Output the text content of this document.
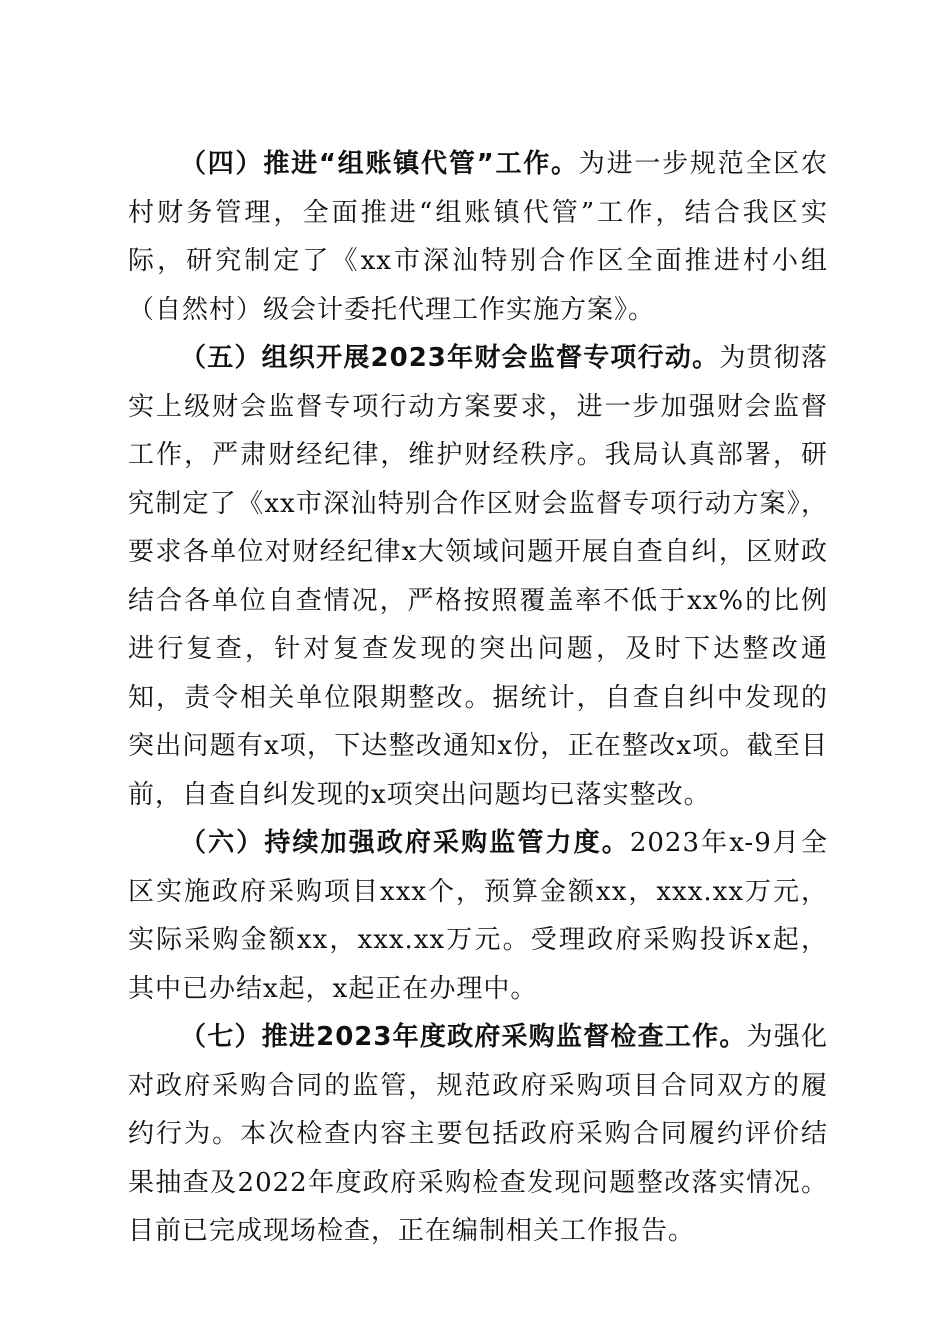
（四）推进“组账镇代管”工作。为进一步规范全区农村财务管理，全面推进“组账镇代管”工作，结合我区实际，研究制定了《xx市深汕特别合作区全面推进村小组（自然村）级会计委托代理工作实施方案》。

（五）组织开展2023年财会监督专项行动。为贯彻落实上级财会监督专项行动方案要求，进一步加强财会监督工作，严肃财经纪律，维护财经秩序。我局认真部署，研究制定了《xx市深汕特别合作区财会监督专项行动方案》，要求各单位对财经纪律x大领域问题开展自查自纠，区财政结合各单位自查情况，严格按照覆盖率不低于xx%的比例进行复查，针对复查发现的突出问题，及时下达整改通知，责令相关单位限期整改。据统计，自查自纠中发现的突出问题有x项，下达整改通知x份，正在整改x项。截至目前，自查自纠发现的x项突出问题均已落实整改。

（六）持续加强政府采购监管力度。2023年x-9月全区实施政府采购项目xxx个，预算金额xx，xxx.xx万元，实际采购金额xx，xxx.xx万元。受理政府采购投诉x起，其中已办结x起，x起正在办理中。

（七）推进2023年度政府采购监督检查工作。为强化对政府采购合同的监管，规范政府采购项目合同双方的履约行为。本次检查内容主要包括政府采购合同履约评价结果抽查及2022年度政府采购检查发现问题整改落实情况。目前已完成现场检查，正在编制相关工作报告。
